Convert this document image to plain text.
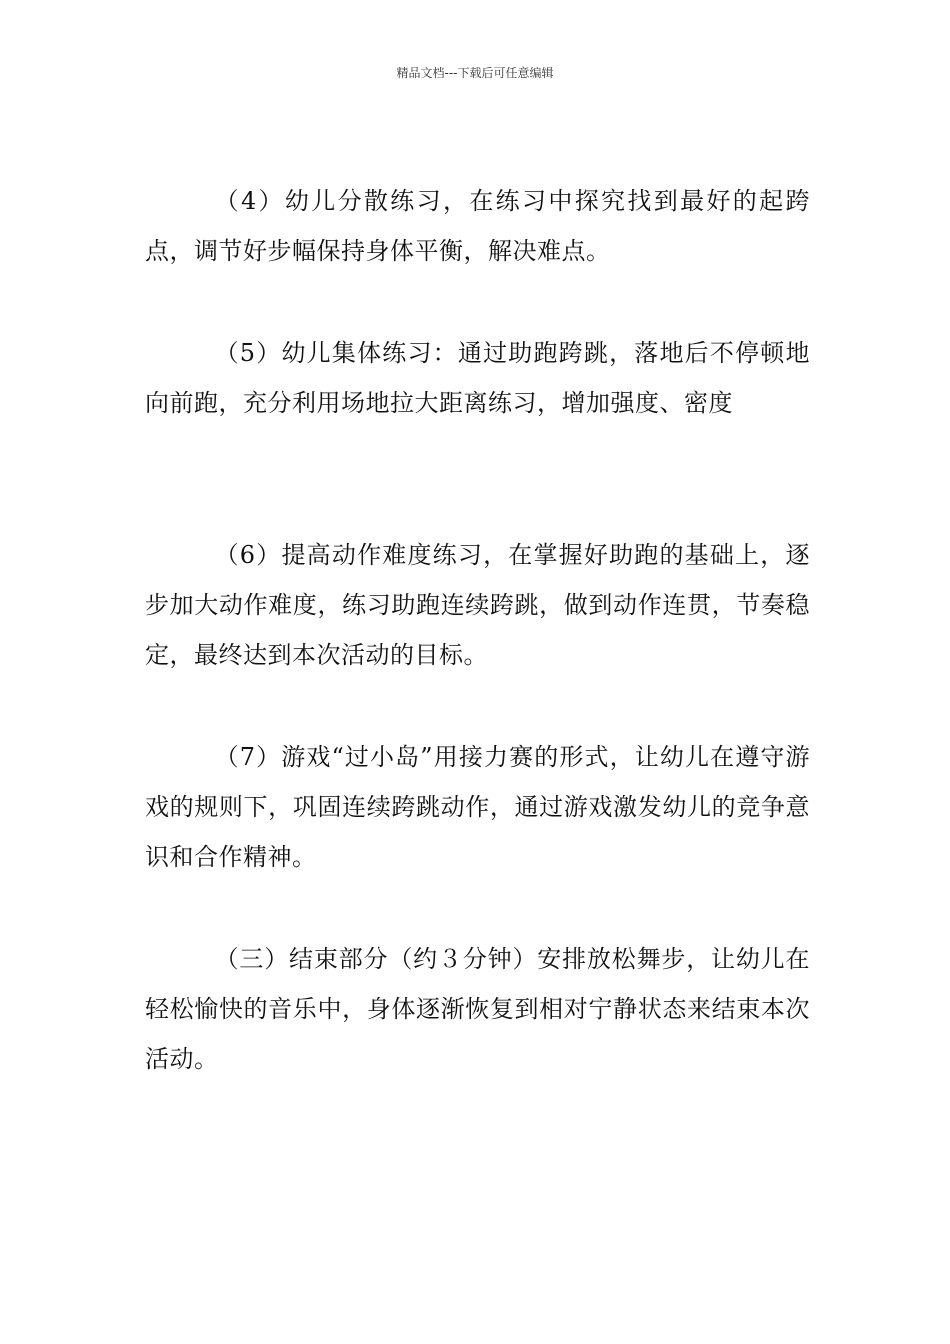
精品文档---下载后可任意编辑

（4）幼儿分散练习，在练习中探究找到最好的起跨点，调节好步幅保持身体平衡，解决难点。

（5）幼儿集体练习：通过助跑跨跳，落地后不停顿地向前跑，充分利用场地拉大距离练习，增加强度、密度

（6）提高动作难度练习，在掌握好助跑的基础上，逐步加大动作难度，练习助跑连续跨跳，做到动作连贯，节奏稳定，最终达到本次活动的目标。

（7）游戏“过小岛”用接力赛的形式，让幼儿在遵守游戏的规则下，巩固连续跨跳动作，通过游戏激发幼儿的竞争意识和合作精神。

（三）结束部分（约３分钟）安排放松舞步，让幼儿在轻松愉快的音乐中，身体逐渐恢复到相对宁静状态来结束本次活动。
